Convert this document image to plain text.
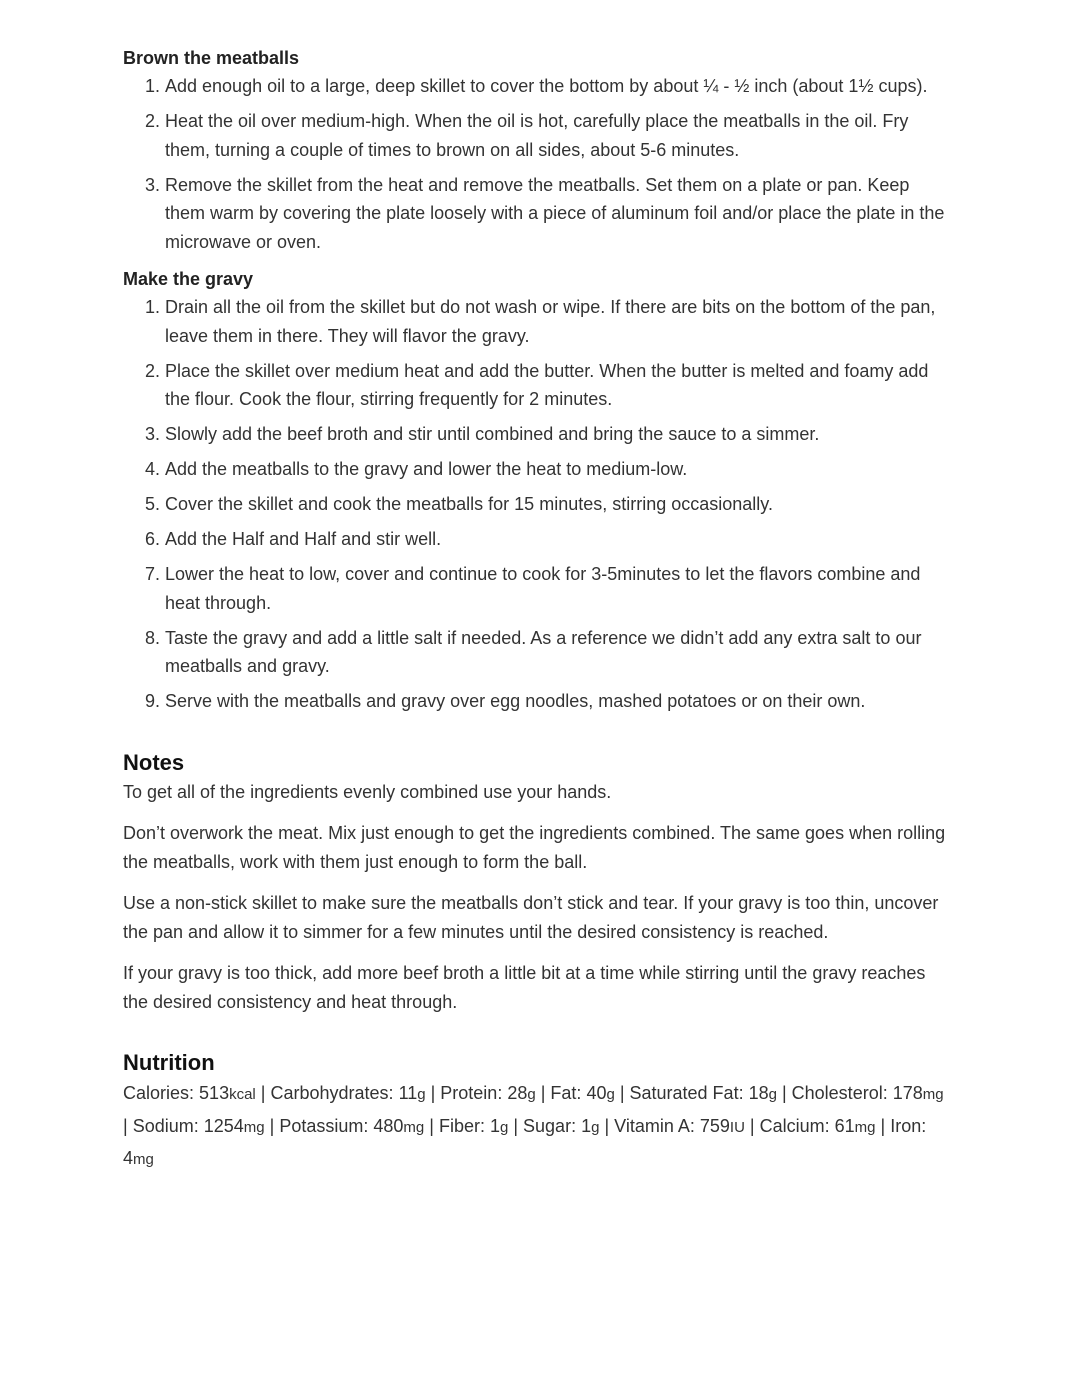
Brown the meatballs

1. Add enough oil to a large, deep skillet to cover the bottom by about ¼ - ½ inch (about 1½ cups).
2. Heat the oil over medium-high. When the oil is hot, carefully place the meatballs in the oil. Fry them, turning a couple of times to brown on all sides, about 5-6 minutes.
3. Remove the skillet from the heat and remove the meatballs. Set them on a plate or pan. Keep them warm by covering the plate loosely with a piece of aluminum foil and/or place the plate in the microwave or oven.

Make the gravy

1. Drain all the oil from the skillet but do not wash or wipe. If there are bits on the bottom of the pan, leave them in there. They will flavor the gravy.
2. Place the skillet over medium heat and add the butter. When the butter is melted and foamy add the flour. Cook the flour, stirring frequently for 2 minutes.
3. Slowly add the beef broth and stir until combined and bring the sauce to a simmer.
4. Add the meatballs to the gravy and lower the heat to medium-low.
5. Cover the skillet and cook the meatballs for 15 minutes, stirring occasionally.
6. Add the Half and Half and stir well.
7. Lower the heat to low, cover and continue to cook for 3-5minutes to let the flavors combine and heat through.
8. Taste the gravy and add a little salt if needed. As a reference we didn’t add any extra salt to our meatballs and gravy.
9. Serve with the meatballs and gravy over egg noodles, mashed potatoes or on their own.
Notes

To get all of the ingredients evenly combined use your hands.

Don’t overwork the meat. Mix just enough to get the ingredients combined. The same goes when rolling the meatballs, work with them just enough to form the ball.

Use a non-stick skillet to make sure the meatballs don’t stick and tear. If your gravy is too thin, uncover the pan and allow it to simmer for a few minutes until the desired consistency is reached.

If your gravy is too thick, add more beef broth a little bit at a time while stirring until the gravy reaches the desired consistency and heat through.

Nutrition

Calories: 513kcal | Carbohydrates: 11g | Protein: 28g | Fat: 40g | Saturated Fat: 18g | Cholesterol: 178mg | Sodium: 1254mg | Potassium: 480mg | Fiber: 1g | Sugar: 1g | Vitamin A: 759IU | Calcium: 61mg | Iron: 4mg
